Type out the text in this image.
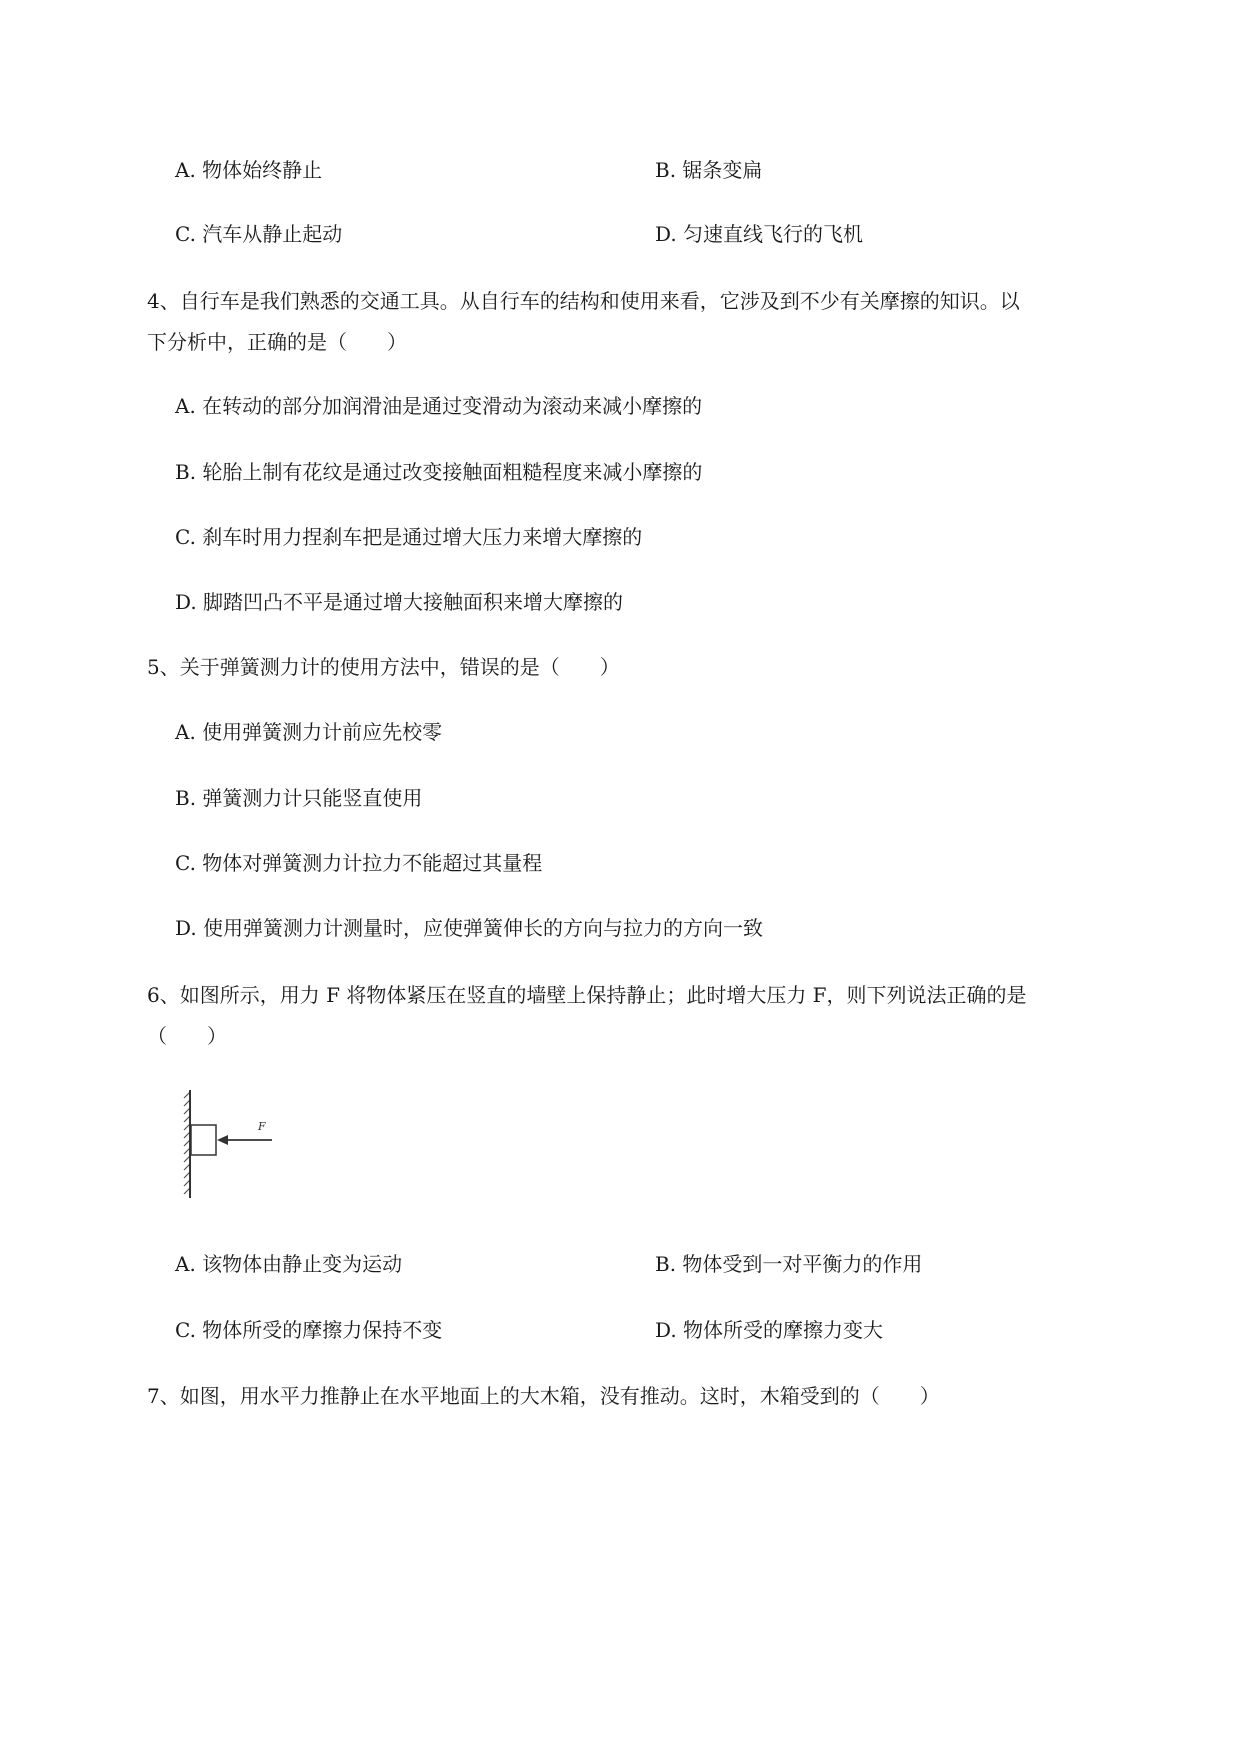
A. 物体始终静止	B. 锯条变扁
C. 汽车从静止起动	D. 匀速直线飞行的飞机
4、自行车是我们熟悉的交通工具。从自行车的结构和使用来看，它涉及到不少有关摩擦的知识。以
下分析中，正确的是（　　）
A. 在转动的部分加润滑油是通过变滑动为滚动来减小摩擦的
B. 轮胎上制有花纹是通过改变接触面粗糙程度来减小摩擦的
C. 刹车时用力捏刹车把是通过增大压力来增大摩擦的
D. 脚踏凹凸不平是通过增大接触面积来增大摩擦的
5、关于弹簧测力计的使用方法中，错误的是（　　）
A. 使用弹簧测力计前应先校零
B. 弹簧测力计只能竖直使用
C. 物体对弹簧测力计拉力不能超过其量程
D. 使用弹簧测力计测量时，应使弹簧伸长的方向与拉力的方向一致
6、如图所示，用力 F 将物体紧压在竖直的墙壁上保持静止；此时增大压力 F，则下列说法正确的是
（　　）
F
A. 该物体由静止变为运动	B. 物体受到一对平衡力的作用
C. 物体所受的摩擦力保持不变	D. 物体所受的摩擦力变大
7、如图，用水平力推静止在水平地面上的大木箱，没有推动。这时，木箱受到的（　　）
